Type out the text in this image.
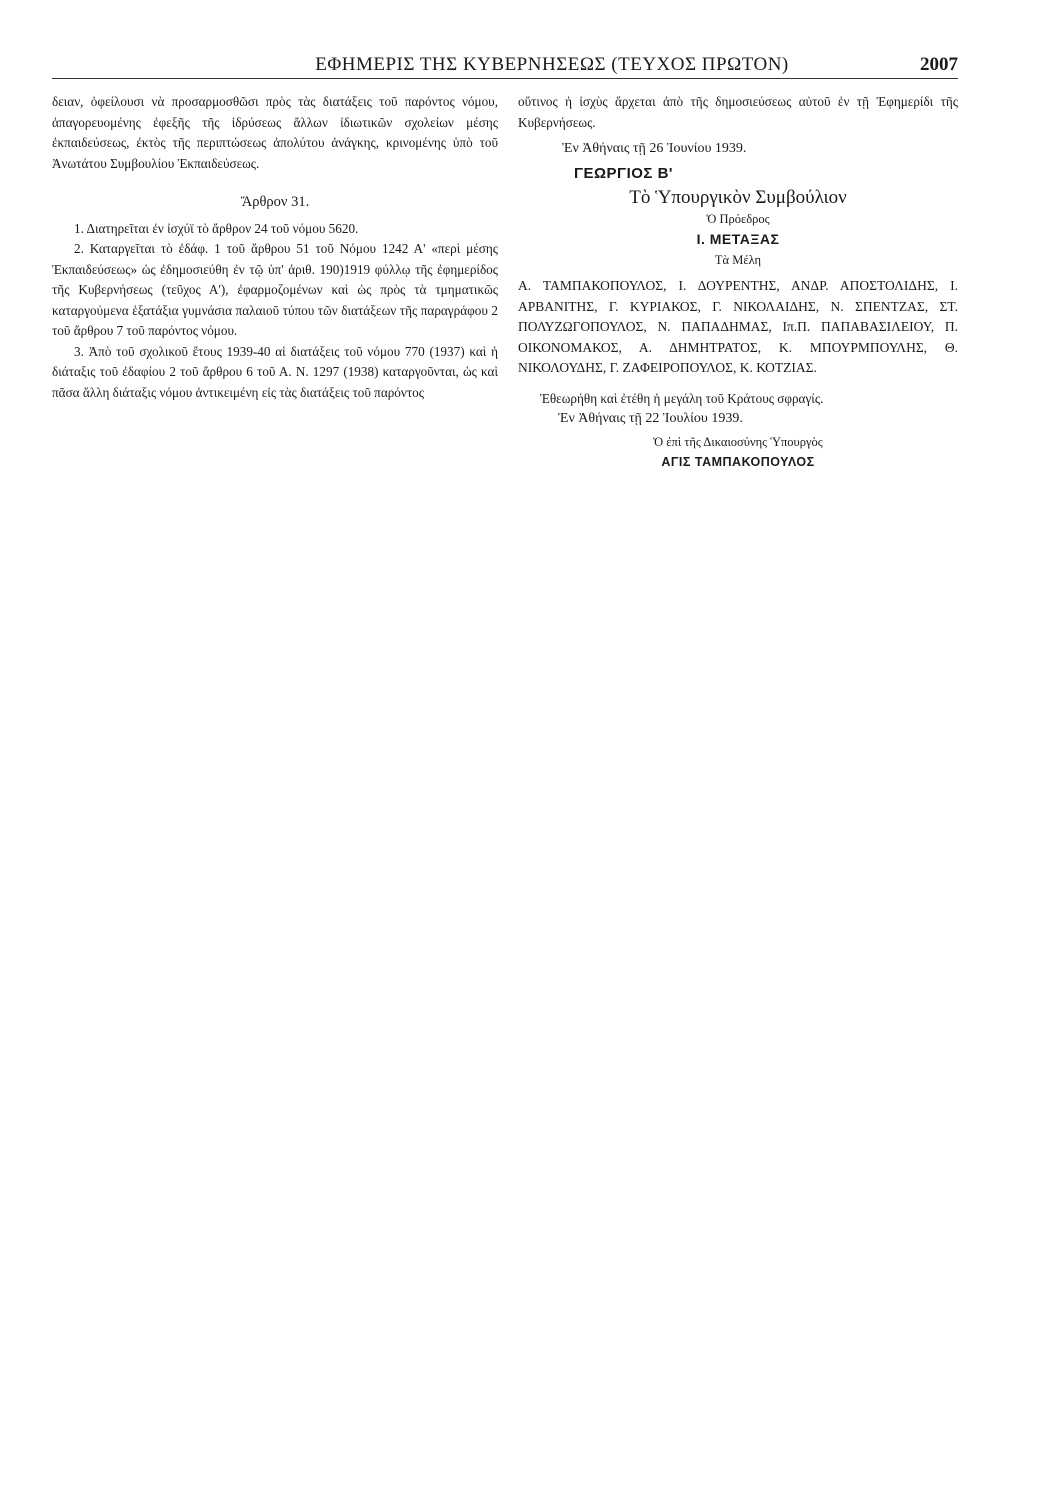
ΕΦΗΜΕΡΙΣ ΤΗΣ ΚΥΒΕΡΝΗΣΕΩΣ (ΤΕΥΧΟΣ ΠΡΩΤΟΝ)	2007

δειαν, ὀφείλουσι νὰ προσαρμοσθῶσι πρὸς τὰς διατάξεις τοῦ παρόντος νόμου, ἀπαγορευομένης ἐφεξῆς τῆς ἱδρύσεως ἄλλων ἰδιωτικῶν σχολείων μέσης ἐκπαιδεύσεως, ἐκτὸς τῆς περιπτώσεως ἀπολύτου ἀνάγκης, κρινομένης ὑπὸ τοῦ Ἀνωτάτου Συμβουλίου Ἐκπαιδεύσεως.

Ἄρθρον 31.

1. Διατηρεῖται ἐν ἰσχύϊ τὸ ἄρθρον 24 τοῦ νόμου 5620.

2. Καταργεῖται τὸ ἐδάφ. 1 τοῦ ἄρθρου 51 τοῦ Νόμου 1242 Α' «περὶ μέσης Ἐκπαιδεύσεως» ὡς ἐδημοσιεύθη ἐν τῷ ὑπ' ἀριθ. 190)1919 φύλλῳ τῆς ἐφημερίδος τῆς Κυβερνήσεως (τεῦχος Α'), ἐφαρμοζομένων καὶ ὡς πρὸς τὰ τμηματικῶς καταργούμενα ἑξατάξια γυμνάσια παλαιοῦ τύπου τῶν διατάξεων τῆς παραγράφου 2 τοῦ ἄρθρου 7 τοῦ παρόντος νόμου.

3. Ἀπὸ τοῦ σχολικοῦ ἔτους 1939-40 αἱ διατάξεις τοῦ νόμου 770 (1937) καὶ ἡ διάταξις τοῦ ἐδαφίου 2 τοῦ ἄρθρου 6 τοῦ Α. Ν. 1297 (1938) καταργοῦνται, ὡς καὶ πᾶσα ἄλλη διάταξις νόμου ἀντικειμένη εἰς τὰς διατάξεις τοῦ παρόντος

οὕτινος ἡ ἰσχὺς ἄρχεται ἀπὸ τῆς δημοσιεύσεως αὐτοῦ ἐν τῇ Ἐφημερίδι τῆς Κυβερνήσεως.

Ἐν Ἀθήναις τῇ 26 Ἰουνίου 1939.
ΓΕΩΡΓΙΟΣ Β'
Τὸ Ὑπουργικὸν Συμβούλιον
Ὁ Πρόεδρος
Ι. ΜΕΤΑΞΑΣ
Τὰ Μέλη
Α. ΤΑΜΠΑΚΟΠΟΥΛΟΣ, Ι. ΔΟΥΡΕΝΤΗΣ, ΑΝΔΡ. ΑΠΟΣΤΟΛΙΔΗΣ, Ι. ΑΡΒΑΝΙΤΗΣ, Γ. ΚΥΡΙΑΚΟΣ, Γ. ΝΙΚΟΛΑΙΔΗΣ, Ν. ΣΠΕΝΤΖΑΣ, ΣΤ. ΠΟΛΥΖΩΓΟΠΟΥΛΟΣ, Ν. ΠΑΠΑΔΗΜΑΣ, Ιπ.Π. ΠΑΠΑΒΑΣΙΛΕΙΟΥ, Π. ΟΙΚΟΝΟΜΑΚΟΣ, Α. ΔΗΜΗΤΡΑΤΟΣ, Κ. ΜΠΟΥΡΜΠΟΥΛΗΣ, Θ. ΝΙΚΟΛΟΥΔΗΣ, Γ. ΖΑΦΕΙΡΟΠΟΥΛΟΣ, Κ. ΚΟΤΖΙΑΣ.
Ἐθεωρήθη καὶ ἐτέθη ἡ μεγάλη τοῦ Κράτους σφραγίς.
Ἐν Ἀθήναις τῇ 22 Ἰουλίου 1939.
Ὁ ἐπὶ τῆς Δικαιοσύνης Ὑπουργὸς
ΑΓΙΣ ΤΑΜΠΑΚΟΠΟΥΛΟΣ
